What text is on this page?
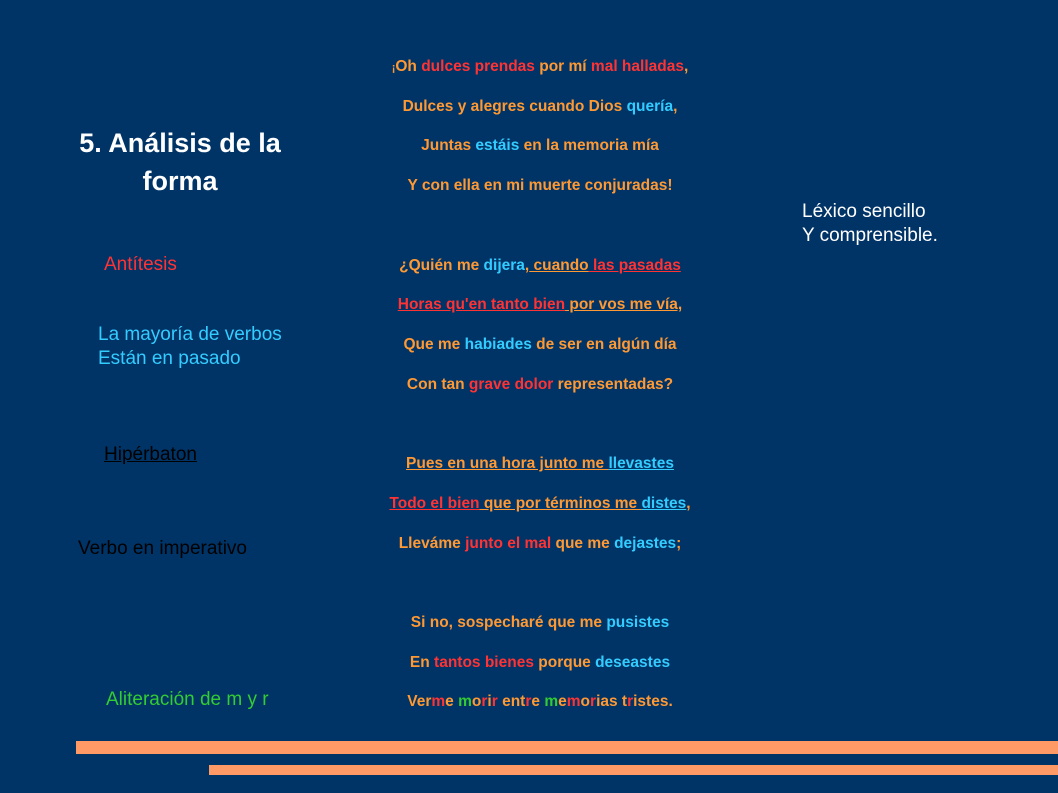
5. Análisis de la forma
Léxico sencillo
Y comprensible.
Antítesis
La mayoría de verbos
Están en pasado
Hipérbaton
Verbo en imperativo
Aliteración de m y r
¡Oh dulces prendas por mí mal halladas,
Dulces y alegres cuando Dios quería,
Juntas estáis en la memoria mía
Y con ella en mi muerte conjuradas!
¿Quién me dijera, cuando las pasadas
Horas qu'en tanto bien por vos me vía,
Que me habiades de ser en algún día
Con tan grave dolor representadas?
Pues en una hora junto me llevastes
Todo el bien que por términos me distes,
Lleváme junto el mal que me dejastes;
Si no, sospecharé que me pusistes
En tantos bienes porque deseastes
Verme morir entre memorias tristes.
